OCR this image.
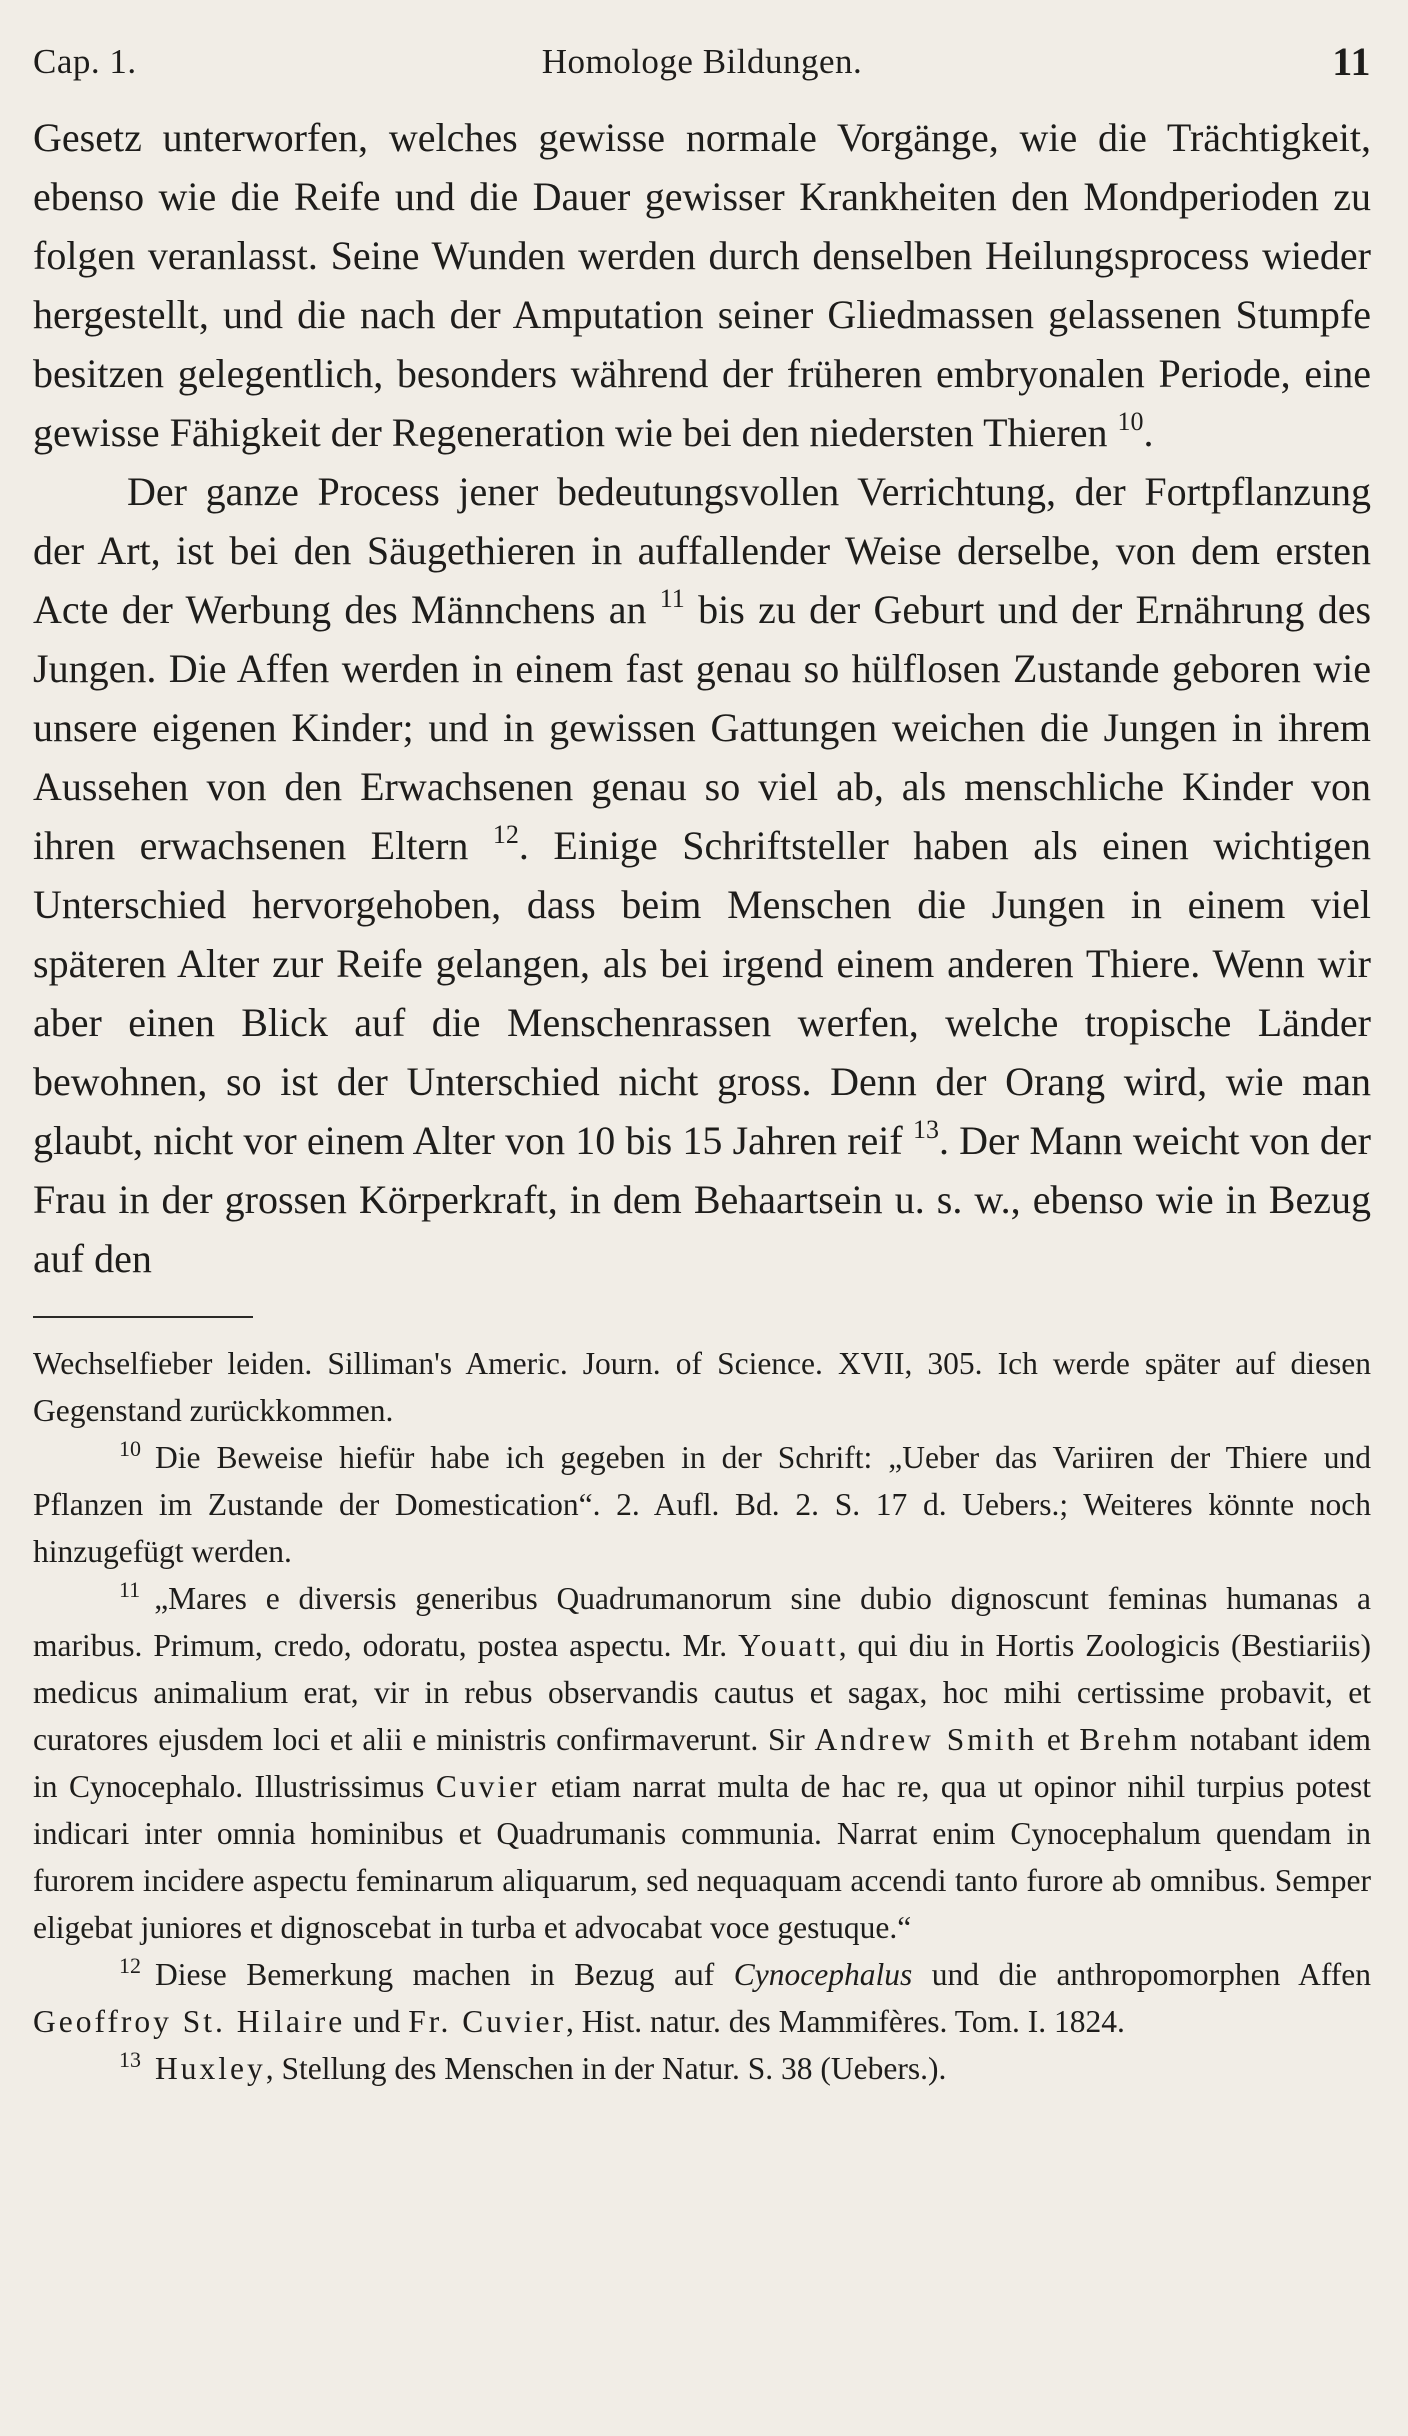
Cap. 1.	Homologe Bildungen.	11

Gesetz unterworfen, welches gewisse normale Vorgänge, wie die Trächtigkeit, ebenso wie die Reife und die Dauer gewisser Krankheiten den Mondperioden zu folgen veranlasst. Seine Wunden werden durch denselben Heilungsprocess wieder hergestellt, und die nach der Amputation seiner Gliedmassen gelassenen Stumpfe besitzen gelegentlich, besonders während der früheren embryonalen Periode, eine gewisse Fähigkeit der Regeneration wie bei den niedersten Thieren $^{10}$.

Der ganze Process jener bedeutungsvollen Verrichtung, der Fortpflanzung der Art, ist bei den Säugethieren in auffallender Weise derselbe, von dem ersten Acte der Werbung des Männchens an $^{11}$ bis zu der Geburt und der Ernährung des Jungen. Die Affen werden in einem fast genau so hülflosen Zustande geboren wie unsere eigenen Kinder; und in gewissen Gattungen weichen die Jungen in ihrem Aussehen von den Erwachsenen genau so viel ab, als menschliche Kinder von ihren erwachsenen Eltern $^{12}$. Einige Schriftsteller haben als einen wichtigen Unterschied hervorgehoben, dass beim Menschen die Jungen in einem viel späteren Alter zur Reife gelangen, als bei irgend einem anderen Thiere. Wenn wir aber einen Blick auf die Menschenrassen werfen, welche tropische Länder bewohnen, so ist der Unterschied nicht gross. Denn der Orang wird, wie man glaubt, nicht vor einem Alter von 10 bis 15 Jahren reif $^{13}$. Der Mann weicht von der Frau in der grossen Körperkraft, in dem Behaartsein u. s. w., ebenso wie in Bezug auf den

Wechselfieber leiden. Silliman's Americ. Journ. of Science. XVII, 305. Ich werde später auf diesen Gegenstand zurückkommen.

$^{10}$ Die Beweise hiefür habe ich gegeben in der Schrift: „Ueber das Variiren der Thiere und Pflanzen im Zustande der Domestication“. 2. Aufl. Bd. 2. S. 17 d. Uebers.; Weiteres könnte noch hinzugefügt werden.

$^{11}$ „Mares e diversis generibus Quadrumanorum sine dubio dignoscunt feminas humanas a maribus. Primum, credo, odoratu, postea aspectu. Mr. Youatt, qui diu in Hortis Zoologicis (Bestiariis) medicus animalium erat, vir in rebus observandis cautus et sagax, hoc mihi certissime probavit, et curatores ejusdem loci et alii e ministris confirmaverunt. Sir Andrew Smith et Brehm notabant idem in Cynocephalo. Illustrissimus Cuvier etiam narrat multa de hac re, qua ut opinor nihil turpius potest indicari inter omnia hominibus et Quadrumanis communia. Narrat enim Cynocephalum quendam in furorem incidere aspectu feminarum aliquarum, sed nequaquam accendi tanto furore ab omnibus. Semper eligebat juniores et dignoscebat in turba et advocabat voce gestuque.“

$^{12}$ Diese Bemerkung machen in Bezug auf Cynocephalus und die anthropomorphen Affen Geoffroy St. Hilaire und Fr. Cuvier, Hist. natur. des Mammifères. Tom. I. 1824.

$^{13}$ Huxley, Stellung des Menschen in der Natur. S. 38 (Uebers.).
